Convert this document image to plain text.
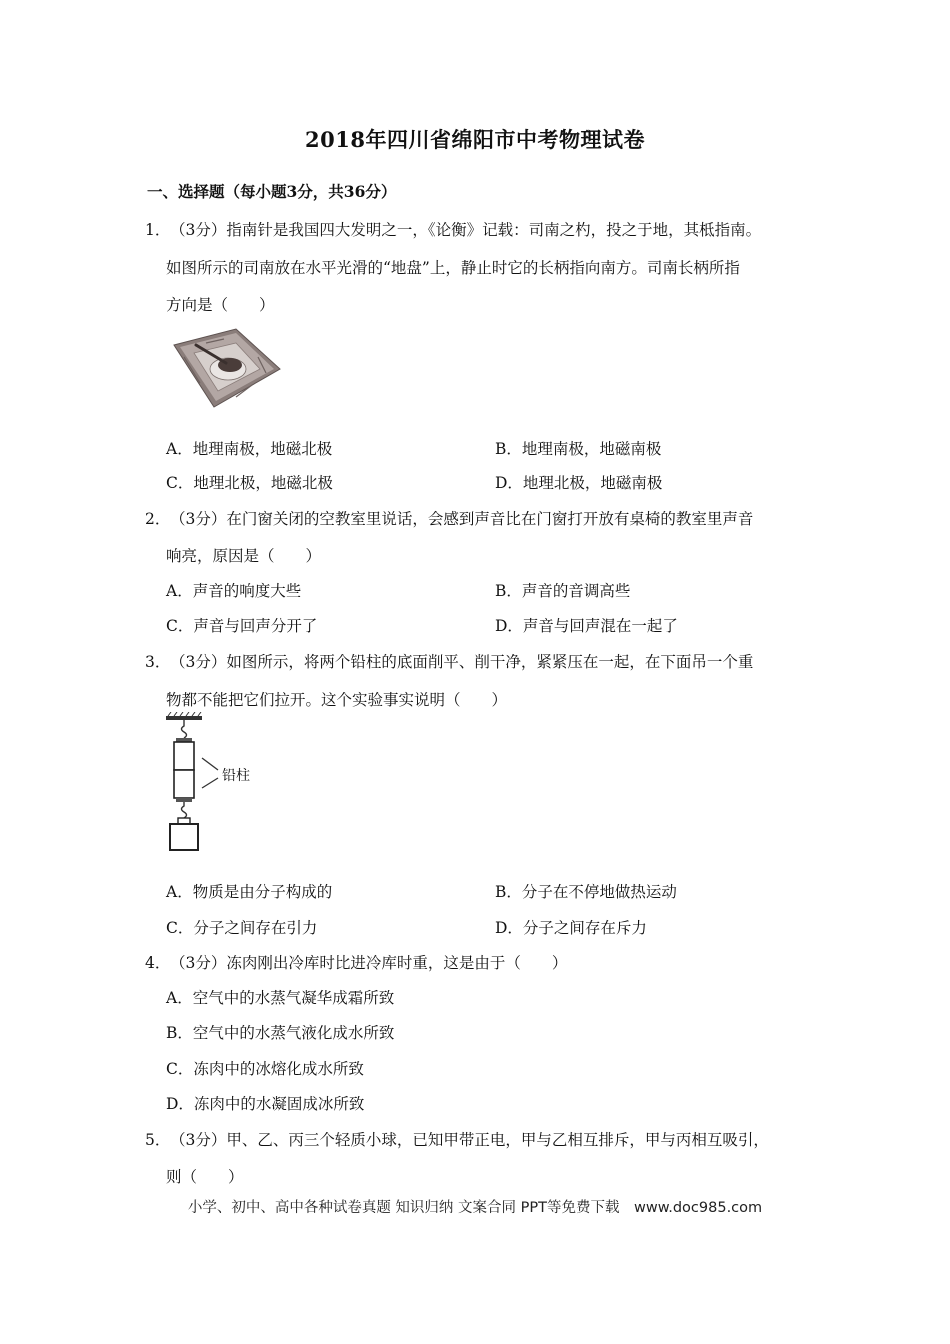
2018年四川省绵阳市中考物理试卷
一、选择题（每小题3分，共36分）
1． （3分）指南针是我国四大发明之一，《论衡》记载：司南之杓，投之于地，其柢指南。
如图所示的司南放在水平光滑的“地盘”上，静止时它的长柄指向南方。司南长柄所指
方向是（　　）
A．地理南极，地磁北极	B．地理南极，地磁南极
C．地理北极，地磁北极	D．地理北极，地磁南极
2． （3分）在门窗关闭的空教室里说话，会感到声音比在门窗打开放有桌椅的教室里声音
响亮，原因是（　　）
A．声音的响度大些	B．声音的音调高些
C．声音与回声分开了	D．声音与回声混在一起了
3． （3分）如图所示，将两个铅柱的底面削平、削干净，紧紧压在一起，在下面吊一个重
物都不能把它们拉开。这个实验事实说明（　　）
铅柱
A．物质是由分子构成的	B．分子在不停地做热运动
C．分子之间存在引力	D．分子之间存在斥力
4． （3分）冻肉刚出冷库时比进冷库时重，这是由于（　　）
A．空气中的水蒸气凝华成霜所致
B．空气中的水蒸气液化成水所致
C．冻肉中的冰熔化成水所致
D．冻肉中的水凝固成冰所致
5． （3分）甲、乙、丙三个轻质小球，已知甲带正电，甲与乙相互排斥，甲与丙相互吸引，
则（　　）
小学、初中、高中各种试卷真题 知识归纳 文案合同 PPT等免费下载　www.doc985.com
